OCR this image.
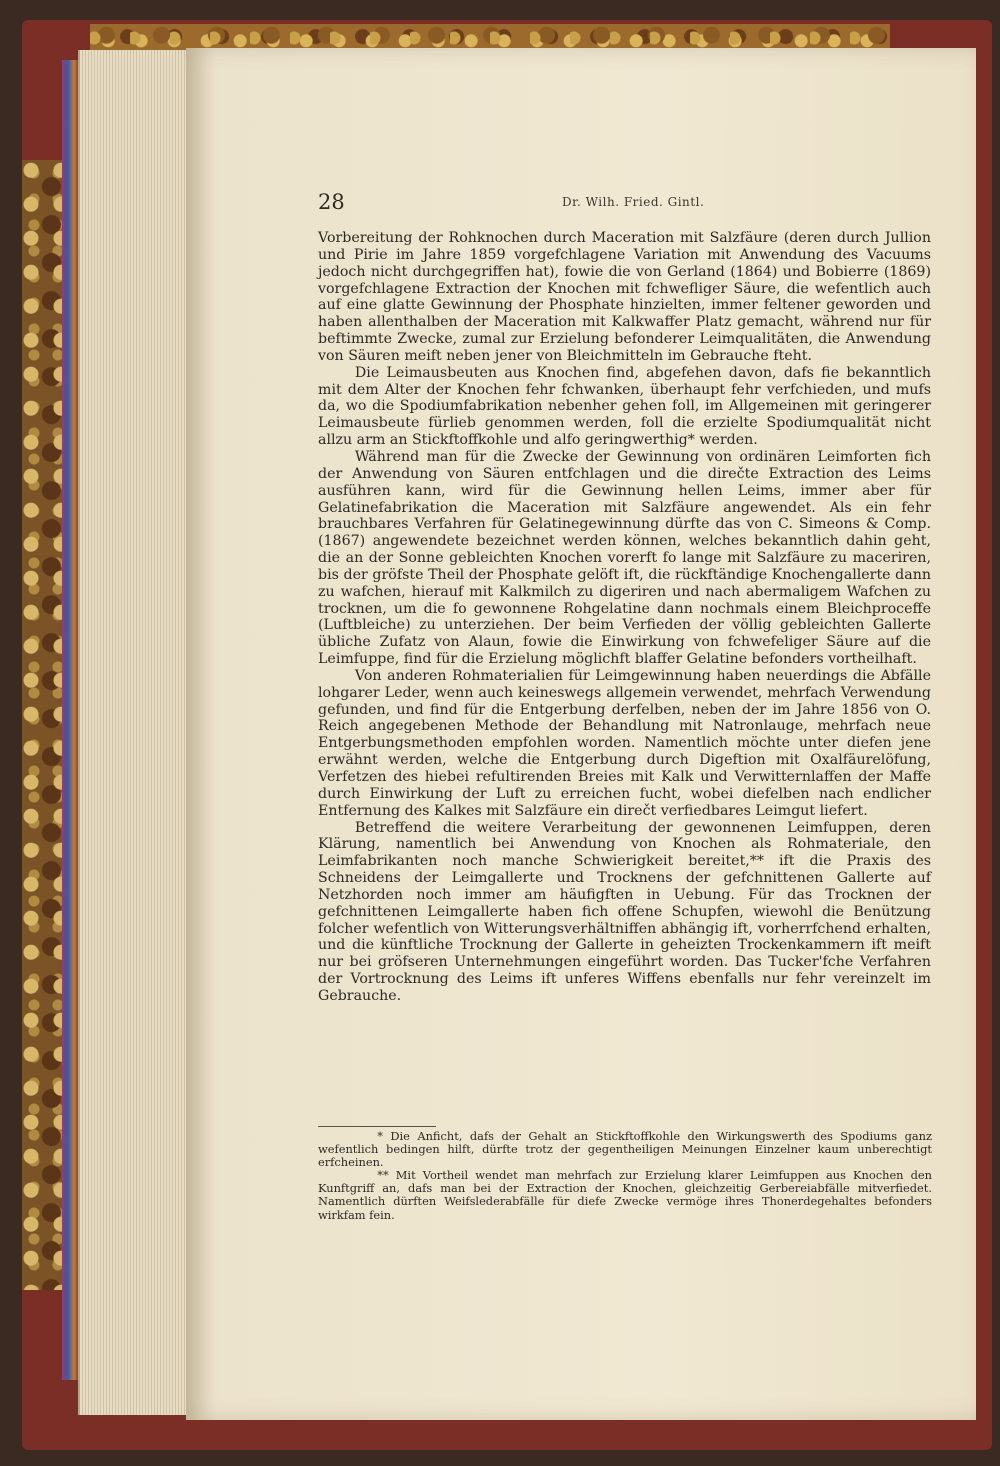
28	Dr. Wilh. Fried. Gintl.

Vorbereitung der Rohknochen durch Maceration mit Salzfäure (deren durch Jullion und Pirie im Jahre 1859 vorgefchlagene Variation mit Anwendung des Vacuums jedoch nicht durchgegriffen hat), fowie die von Gerland (1864) und Bobierre (1869) vorgefchlagene Extraction der Knochen mit fchwefliger Säure, die wefentlich auch auf eine glatte Gewinnung der Phosphate hinzielten, immer feltener geworden und haben allenthalben der Maceration mit Kalkwaffer Platz gemacht, während nur für beftimmte Zwecke, zumal zur Erzielung befonderer Leimqualitäten, die Anwendung von Säuren meift neben jener von Bleichmitteln im Gebrauche fteht.

Die Leimausbeuten aus Knochen find, abgefehen davon, dafs fie bekanntlich mit dem Alter der Knochen fehr fchwanken, überhaupt fehr verfchieden, und mufs da, wo die Spodiumfabrikation nebenher gehen foll, im Allgemeinen mit geringerer Leimausbeute fürlieb genommen werden, foll die erzielte Spodiumqualität nicht allzu arm an Stickftoffkohle und alfo geringwerthig* werden.

Während man für die Zwecke der Gewinnung von ordinären Leimforten fich der Anwendung von Säuren entfchlagen und die direčte Extraction des Leims ausführen kann, wird für die Gewinnung hellen Leims, immer aber für Gelatinefabrikation die Maceration mit Salzfäure angewendet. Als ein fehr brauchbares Verfahren für Gelatinegewinnung dürfte das von C. Simeons & Comp. (1867) angewendete bezeichnet werden können, welches bekanntlich dahin geht, die an der Sonne gebleichten Knochen vorerft fo lange mit Salzfäure zu maceriren, bis der gröfste Theil der Phosphate gelöft ift, die rückftändige Knochengallerte dann zu wafchen, hierauf mit Kalkmilch zu digeriren und nach abermaligem Wafchen zu trocknen, um die fo gewonnene Rohgelatine dann nochmals einem Bleichproceffe (Luftbleiche) zu unterziehen. Der beim Verfieden der völlig gebleichten Gallerte übliche Zufatz von Alaun, fowie die Einwirkung von fchwefeliger Säure auf die Leimfuppe, find für die Erzielung möglichft blaffer Gelatine befonders vortheilhaft.

Von anderen Rohmaterialien für Leimgewinnung haben neuerdings die Abfälle lohgarer Leder, wenn auch keineswegs allgemein verwendet, mehrfach Verwendung gefunden, und find für die Entgerbung derfelben, neben der im Jahre 1856 von O. Reich angegebenen Methode der Behandlung mit Natronlauge, mehrfach neue Entgerbungsmethoden empfohlen worden. Namentlich möchte unter diefen jene erwähnt werden, welche die Entgerbung durch Digeftion mit Oxalfäurelöfung, Verfetzen des hiebei refultirenden Breies mit Kalk und Verwitternlaffen der Maffe durch Einwirkung der Luft zu erreichen fucht, wobei diefelben nach endlicher Entfernung des Kalkes mit Salzfäure ein direčt verfiedbares Leimgut liefert.

Betreffend die weitere Verarbeitung der gewonnenen Leimfuppen, deren Klärung, namentlich bei Anwendung von Knochen als Rohmateriale, den Leimfabrikanten noch manche Schwierigkeit bereitet,** ift die Praxis des Schneidens der Leimgallerte und Trocknens der gefchnittenen Gallerte auf Netzhorden noch immer am häufigften in Uebung. Für das Trocknen der gefchnittenen Leimgallerte haben fich offene Schupfen, wiewohl die Benützung folcher wefentlich von Witterungsverhältniffen abhängig ift, vorherrfchend erhalten, und die künftliche Trocknung der Gallerte in geheizten Trockenkammern ift meift nur bei gröfseren Unternehmungen eingeführt worden. Das Tucker'fche Verfahren der Vortrocknung des Leims ift unferes Wiffens ebenfalls nur fehr vereinzelt im Gebrauche.

* Die Anficht, dafs der Gehalt an Stickftoffkohle den Wirkungswerth des Spodiums ganz wefentlich bedingen hilft, dürfte trotz der gegentheiligen Meinungen Einzelner kaum unberechtigt erfcheinen.

** Mit Vortheil wendet man mehrfach zur Erzielung klarer Leimfuppen aus Knochen den Kunftgriff an, dafs man bei der Extraction der Knochen, gleichzeitig Gerbereiabfälle mitverfiedet. Namentlich dürften Weifslederabfälle für diefe Zwecke vermöge ihres Thonerdegehaltes befonders wirkfam fein.
